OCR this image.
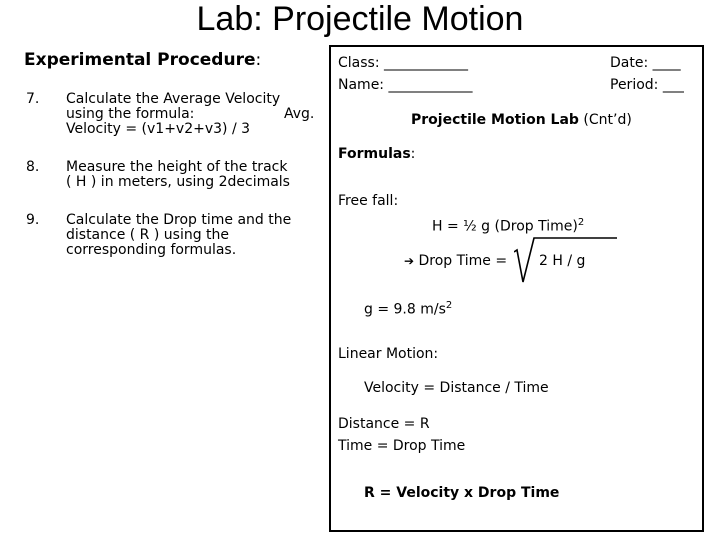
Lab: Projectile Motion
Experimental Procedure:
7. Calculate the Average Velocity
using the formula:
Velocity = (v1+v2+v3) / 3
Avg.
8. Measure the height of the track
( H ) in meters, using 2decimals
9. Calculate the Drop time and the
distance ( R ) using the
corresponding formulas.
Class: ____________	Date: ____
Name: ____________	Period: ___
Projectile Motion Lab (Cnt’d)
Formulas:
Free fall:
H = ½ g (Drop Time)$^2$
➔ Drop Time = 2 H / g
g = 9.8 $m/s^2$
Linear Motion:
Velocity = Distance / Time
Distance = R
Time = Drop Time
R = Velocity x Drop Time
